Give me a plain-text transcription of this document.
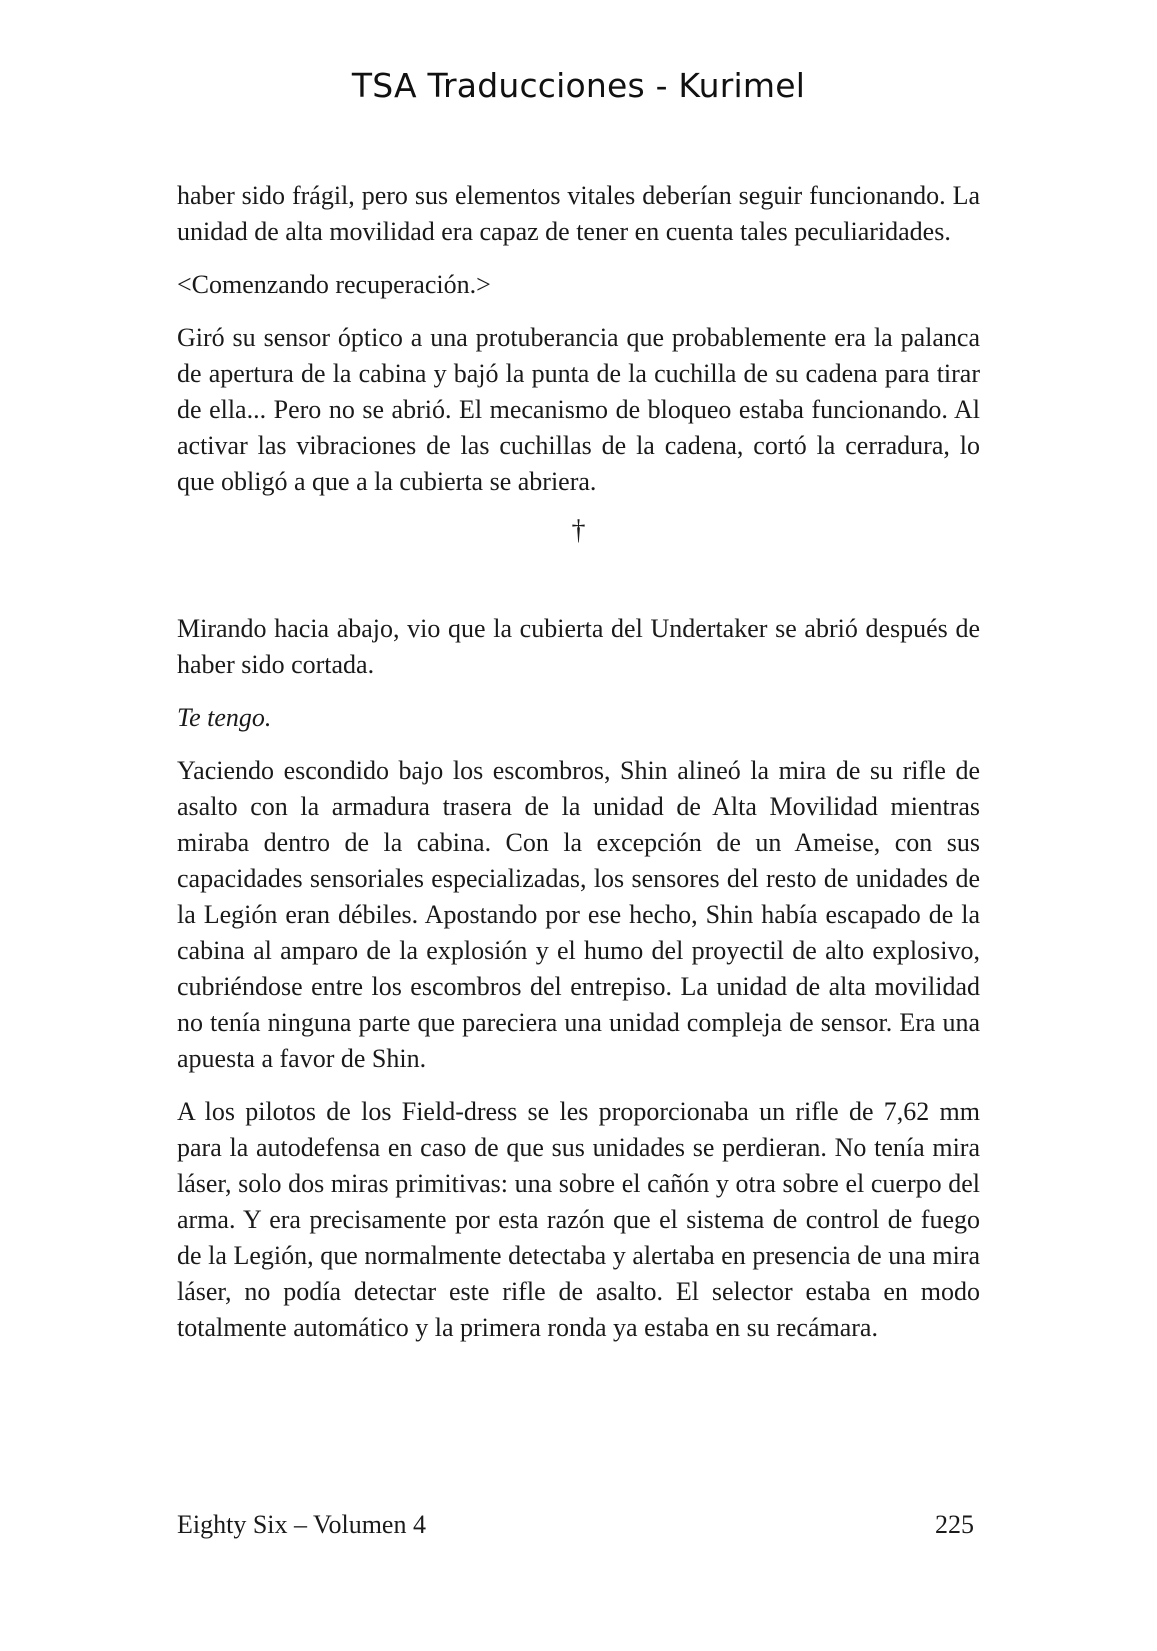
TSA Traducciones - Kurimel

haber sido frágil, pero sus elementos vitales deberían seguir funcionando. La unidad de alta movilidad era capaz de tener en cuenta tales peculiaridades.

<Comenzando recuperación.>

Giró su sensor óptico a una protuberancia que probablemente era la palanca de apertura de la cabina y bajó la punta de la cuchilla de su cadena para tirar de ella... Pero no se abrió. El mecanismo de bloqueo estaba funcionando. Al activar las vibraciones de las cuchillas de la cadena, cortó la cerradura, lo que obligó a que a la cubierta se abriera.

†

Mirando hacia abajo, vio que la cubierta del Undertaker se abrió después de haber sido cortada.

Te tengo.

Yaciendo escondido bajo los escombros, Shin alineó la mira de su rifle de asalto con la armadura trasera de la unidad de Alta Movilidad mientras miraba dentro de la cabina. Con la excepción de un Ameise, con sus capacidades sensoriales especializadas, los sensores del resto de unidades de la Legión eran débiles. Apostando por ese hecho, Shin había escapado de la cabina al amparo de la explosión y el humo del proyectil de alto explosivo, cubriéndose entre los escombros del entrepiso. La unidad de alta movilidad no tenía ninguna parte que pareciera una unidad compleja de sensor. Era una apuesta a favor de Shin.

A los pilotos de los Field-dress se les proporcionaba un rifle de 7,62 mm para la autodefensa en caso de que sus unidades se perdieran. No tenía mira láser, solo dos miras primitivas: una sobre el cañón y otra sobre el cuerpo del arma. Y era precisamente por esta razón que el sistema de control de fuego de la Legión, que normalmente detectaba y alertaba en presencia de una mira láser, no podía detectar este rifle de asalto. El selector estaba en modo totalmente automático y la primera ronda ya estaba en su recámara.

Eighty Six – Volumen 4	225
